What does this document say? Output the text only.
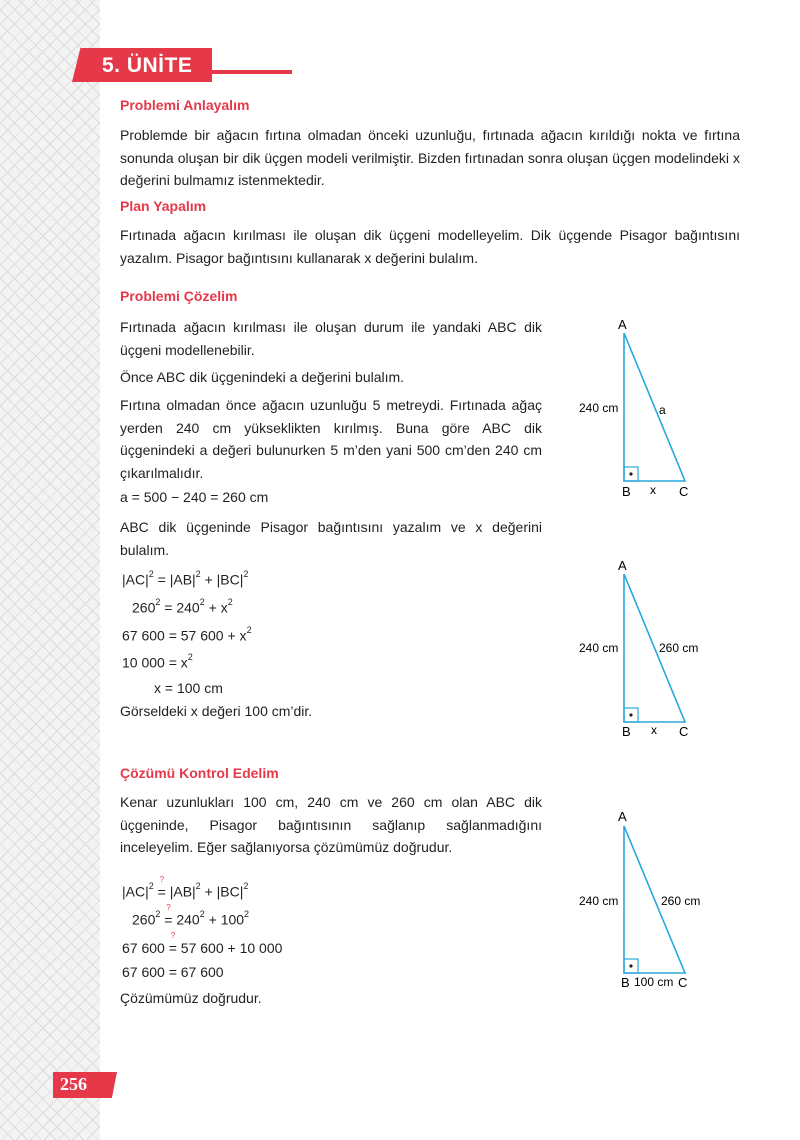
5. ÜNİTE
Problemi Anlayalım
Problemde bir ağacın fırtına olmadan önceki uzunluğu, fırtınada ağacın kırıldığı nokta ve fırtına sonunda oluşan bir dik üçgen modeli verilmiştir. Bizden fırtınadan sonra oluşan üçgen modelindeki x değerini bulmamız istenmektedir.
Plan Yapalım
Fırtınada ağacın kırılması ile oluşan dik üçgeni modelleyelim. Dik üçgende Pisagor bağıntısını yazalım. Pisagor bağıntısını kullanarak x değerini bulalım.
Problemi Çözelim
Fırtınada ağacın kırılması ile oluşan durum ile yandaki ABC dik üçgeni modellenebilir.
Önce ABC dik üçgenindeki a değerini bulalım.
Fırtına olmadan önce ağacın uzunluğu 5 metreydi. Fırtınada ağaç yerden 240 cm yükseklikten kırılmış. Buna göre ABC dik üçgenindeki a değeri bulunurken 5 m’den yani 500 cm’den 240 cm çıkarılmalıdır.
a = 500 − 240 = 260 cm
ABC dik üçgeninde Pisagor bağıntısını yazalım ve x değerini bulalım.
$|AC|^2 = |AB|^2 + |BC|^2$
$260^2 = 240^2 + x^2$
67 600 = 57 $600 + x^2$
10 $000 = x^2$
x = 100 cm
Görseldeki x değeri 100 cm’dir.
Çözümü Kontrol Edelim
Kenar uzunlukları 100 cm, 240 cm ve 260 cm olan ABC dik üçgeninde, Pisagor bağıntısının sağlanıp sağlanmadığını inceleyelim. Eğer sağlanıyorsa çözümümüz doğrudur.
$|AC|^2$
?
= $|AB|^2 + |BC|^2$
$260^2$
?
= $240^2 + 100^2$
67 600
?
= 57 600 + 10 000
67 600 = 67 600
Çözümümüz doğrudur.
A
B	C
240 cm	a
x
A
B	C
240 cm	260 cm
x
A
B	C
240 cm	260 cm
100 cm
256
